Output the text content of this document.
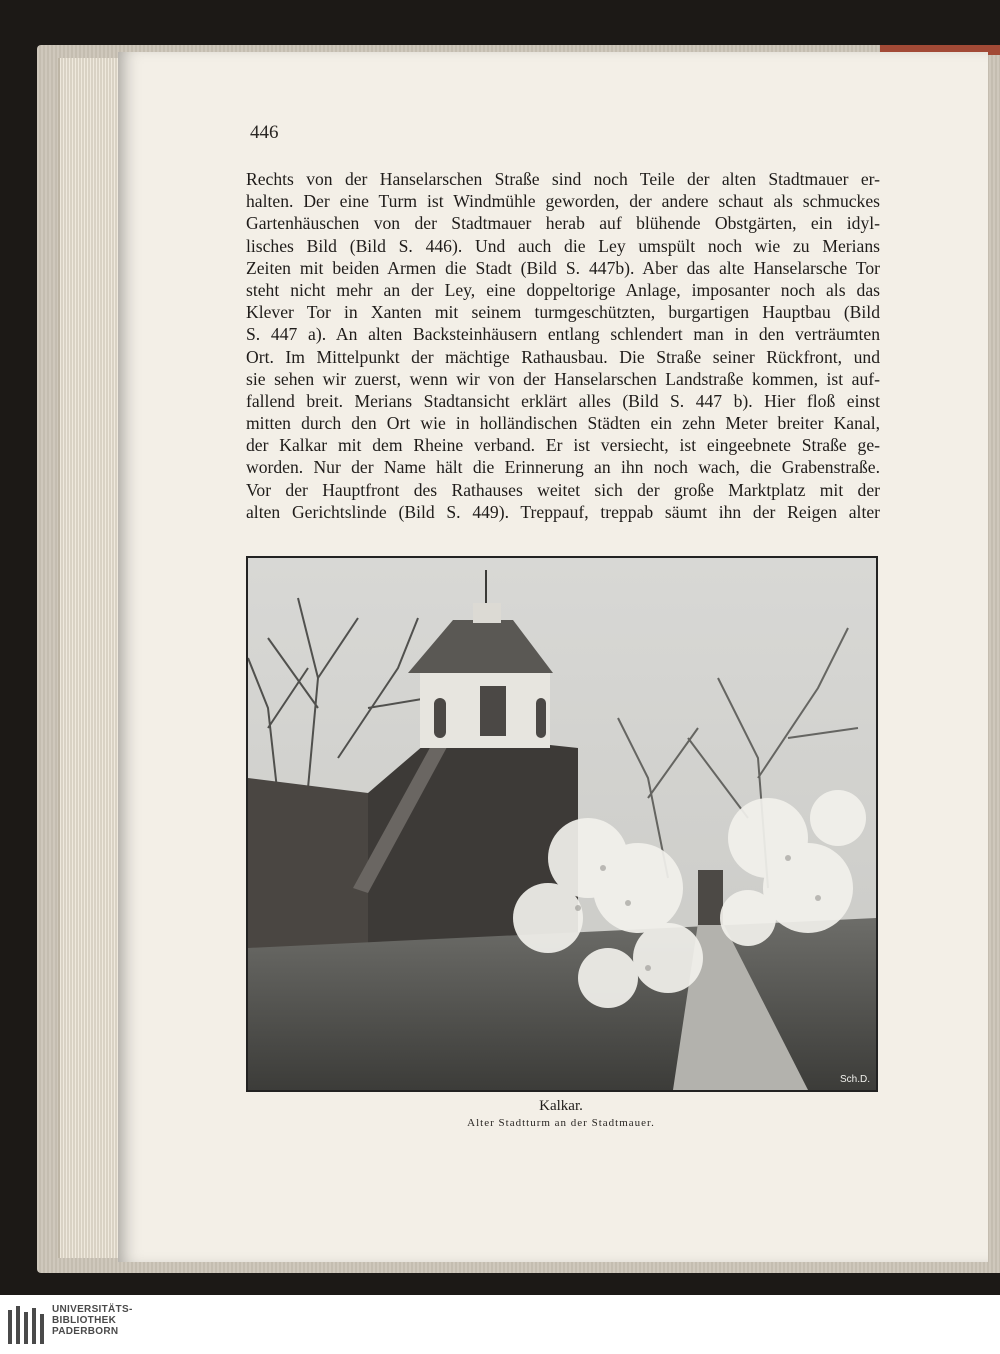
446
Rechts von der Hanselarschen Straße sind noch Teile der alten Stadtmauer er-
halten. Der eine Turm ist Windmühle geworden, der andere schaut als schmuckes
Gartenhäuschen von der Stadtmauer herab auf blühende Obstgärten, ein idyl-
lisches Bild (Bild S. 446). Und auch die Ley umspült noch wie zu Merians
Zeiten mit beiden Armen die Stadt (Bild S. 447b). Aber das alte Hanselarsche Tor
steht nicht mehr an der Ley, eine doppeltorige Anlage, imposanter noch als das
Klever Tor in Xanten mit seinem turmgeschützten, burgartigen Hauptbau (Bild
S. 447 a). An alten Backsteinhäusern entlang schlendert man in den verträumten
Ort. Im Mittelpunkt der mächtige Rathausbau. Die Straße seiner Rückfront, und
sie sehen wir zuerst, wenn wir von der Hanselarschen Landstraße kommen, ist auf-
fallend breit. Merians Stadtansicht erklärt alles (Bild S. 447 b). Hier floß einst
mitten durch den Ort wie in holländischen Städten ein zehn Meter breiter Kanal,
der Kalkar mit dem Rheine verband. Er ist versiecht, ist eingeebnete Straße ge-
worden. Nur der Name hält die Erinnerung an ihn noch wach, die Grabenstraße.
Vor der Hauptfront des Rathauses weitet sich der große Marktplatz mit der
alten Gerichtslinde (Bild S. 449). Treppauf, treppab säumt ihn der Reigen alter
Sch.D.
Kalkar.
Alter Stadtturm an der Stadtmauer.
UNIVERSITÄTS-
BIBLIOTHEK
PADERBORN
